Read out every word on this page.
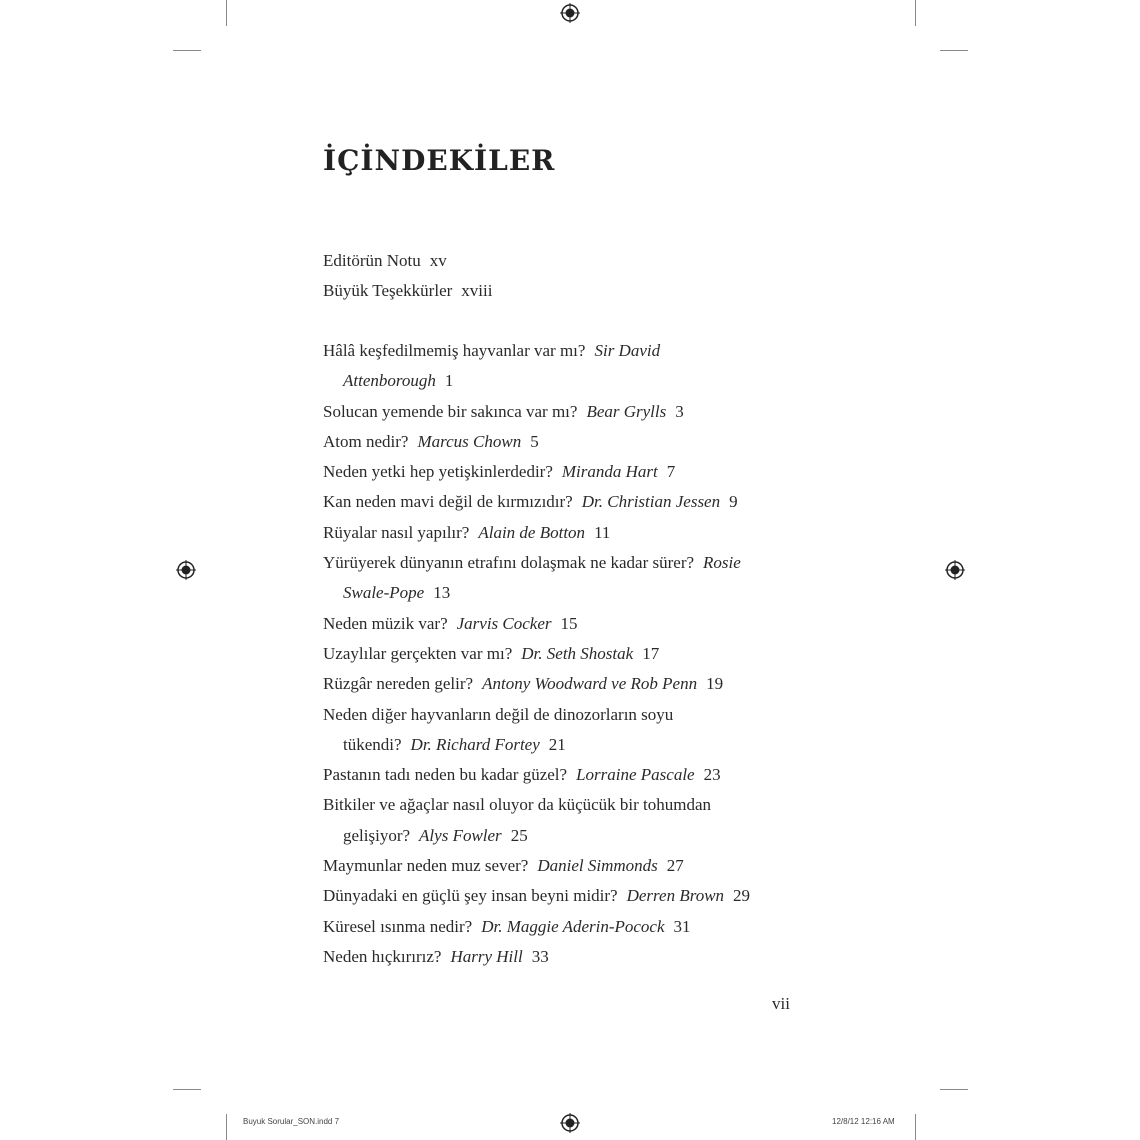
İÇİNDEKİLER
Editörün Notu xv
Büyük Teşekkürler xviii
Hâlâ keşfedilmemiş hayvanlar var mı? Sir David
Attenborough 1
Solucan yemende bir sakınca var mı? Bear Grylls 3
Atom nedir? Marcus Chown 5
Neden yetki hep yetişkinlerdedir? Miranda Hart 7
Kan neden mavi değil de kırmızıdır? Dr. Christian Jessen 9
Rüyalar nasıl yapılır? Alain de Botton 11
Yürüyerek dünyanın etrafını dolaşmak ne kadar sürer? Rosie
Swale-Pope 13
Neden müzik var? Jarvis Cocker 15
Uzaylılar gerçekten var mı? Dr. Seth Shostak 17
Rüzgâr nereden gelir? Antony Woodward ve Rob Penn 19
Neden diğer hayvanların değil de dinozorların soyu
tükendi? Dr. Richard Fortey 21
Pastanın tadı neden bu kadar güzel? Lorraine Pascale 23
Bitkiler ve ağaçlar nasıl oluyor da küçücük bir tohumdan
gelişiyor? Alys Fowler 25
Maymunlar neden muz sever? Daniel Simmonds 27
Dünyadaki en güçlü şey insan beyni midir? Derren Brown 29
Küresel ısınma nedir? Dr. Maggie Aderin-Pocock 31
Neden hıçkırırız? Harry Hill 33
vii
Buyuk Sorular_SON.indd 7	12/8/12 12:16 AM
